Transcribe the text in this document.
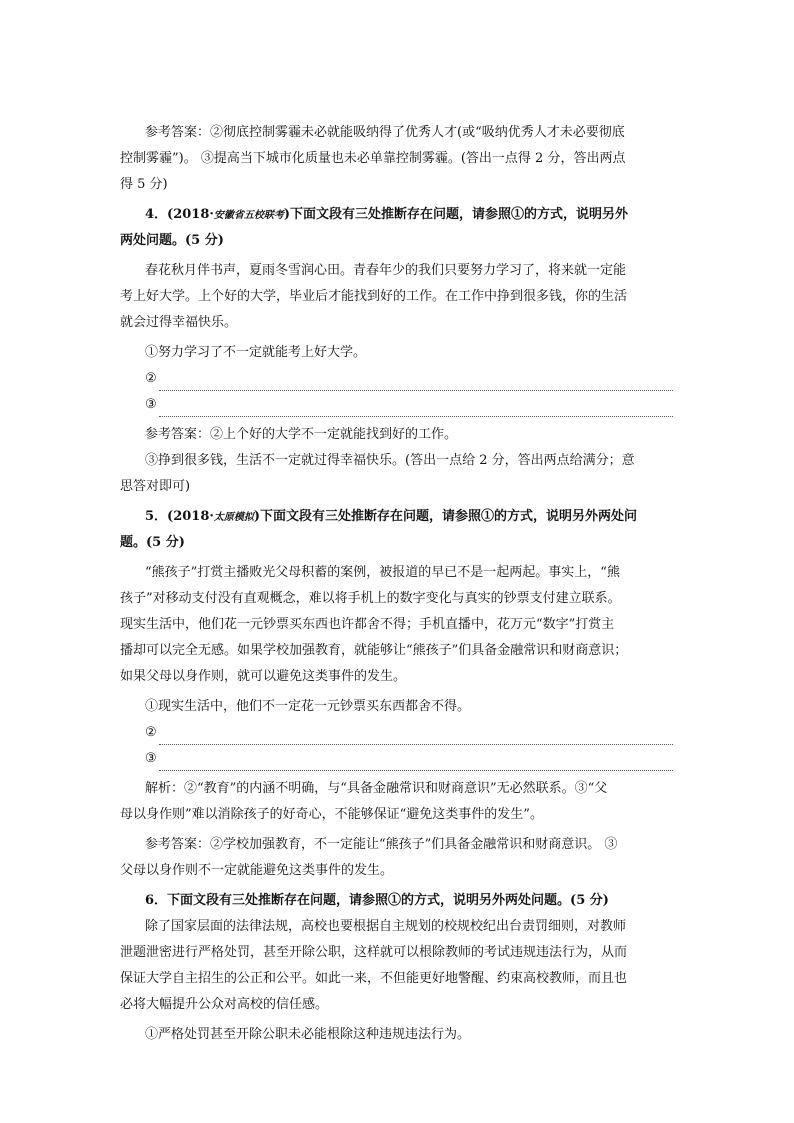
参考答案：②彻底控制雾霾未必就能吸纳得了优秀人才(或“吸纳优秀人才未必要彻底
控制雾霾”)。 ③提高当下城市化质量也未必单靠控制雾霾。(答出一点得 2 分，答出两点
得 5 分)
4．(2018·安徽省五校联考)下面文段有三处推断存在问题，请参照①的方式，说明另外
两处问题。(5 分)
春花秋月伴书声，夏雨冬雪润心田。青春年少的我们只要努力学习了，将来就一定能
考上好大学。上个好的大学，毕业后才能找到好的工作。在工作中挣到很多钱，你的生活
就会过得幸福快乐。
①努力学习了不一定就能考上好大学。
②
③
参考答案：②上个好的大学不一定就能找到好的工作。
③挣到很多钱，生活不一定就过得幸福快乐。(答出一点给 2 分，答出两点给满分；意
思答对即可)
5．(2018·太原模拟)下面文段有三处推断存在问题，请参照①的方式，说明另外两处问
题。(5 分)
“熊孩子”打赏主播败光父母积蓄的案例，被报道的早已不是一起两起。事实上，“熊
孩子”对移动支付没有直观概念，难以将手机上的数字变化与真实的钞票支付建立联系。
现实生活中，他们花一元钞票买东西也许都舍不得；手机直播中，花万元“数字”打赏主
播却可以完全无感。如果学校加强教育，就能够让“熊孩子”们具备金融常识和财商意识；
如果父母以身作则，就可以避免这类事件的发生。
①现实生活中，他们不一定花一元钞票买东西都舍不得。
②
③
解析：②“教育”的内涵不明确，与“具备金融常识和财商意识”无必然联系。③“父
母以身作则”难以消除孩子的好奇心，不能够保证“避免这类事件的发生”。
参考答案：②学校加强教育，不一定能让“熊孩子”们具备金融常识和财商意识。 ③
父母以身作则不一定就能避免这类事件的发生。
6．下面文段有三处推断存在问题，请参照①的方式，说明另外两处问题。(5 分)
除了国家层面的法律法规，高校也要根据自主规划的校规校纪出台责罚细则，对教师
泄题泄密进行严格处罚，甚至开除公职，这样就可以根除教师的考试违规违法行为，从而
保证大学自主招生的公正和公平。如此一来，不但能更好地警醒、约束高校教师，而且也
必将大幅提升公众对高校的信任感。
①严格处罚甚至开除公职未必能根除这种违规违法行为。
